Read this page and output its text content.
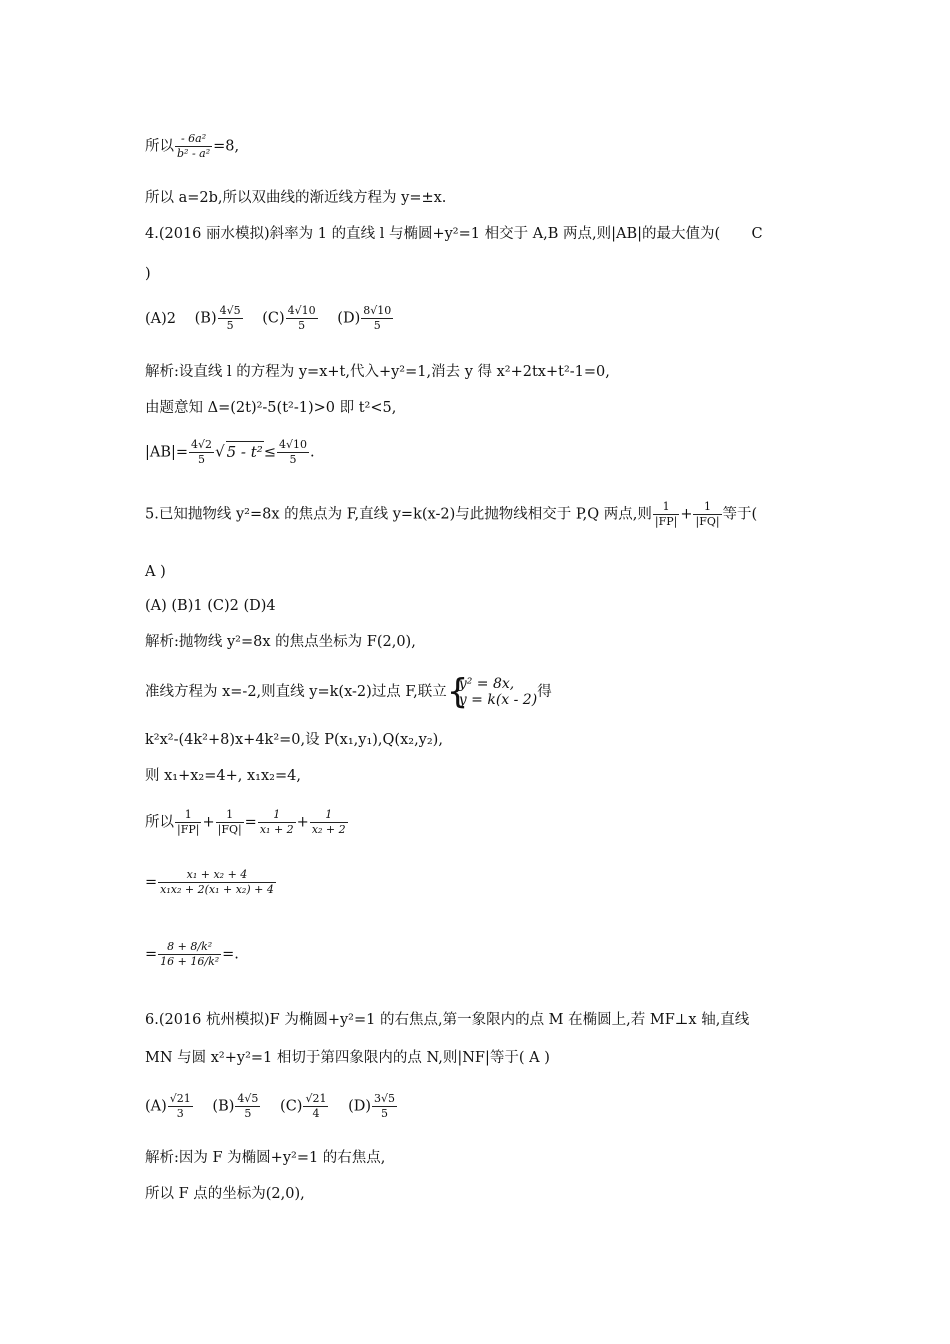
所以 $\frac{\text{- 6a²}}{\text{b² - a²}} =8$,
所以 a=2b,所以双曲线的渐近线方程为 y=±x.
4.(2016 丽水模拟)斜率为 1 的直线 l 与椭圆+y²=1 相交于 A,B 两点,则|AB|的最大值为( C
)
(A)2 $(B) \frac{4√5}{5} (C) \frac{4√10}{5} (D) \frac{8√10}{5}$
解析:设直线 l 的方程为 y=x+t,代入+y²=1,消去 y 得 x²+2tx+t²-1=0,
由题意知 Δ=(2t)²-5(t²-1)>0 即 t²<5,
$|AB|= \frac{4√2}{5}$ √ $5 - t^2\le \frac{4√10}{5}$ .
5.已知抛物线 y²=8x 的焦点为 F,直线 y=k(x-2)与此抛物线相交于 P,Q 两点,则 $\frac{1}{|FP|} + \frac{1}{|FQ|}$ 等于(
A )
(A) (B)1 (C)2 (D)4
解析:抛物线 y²=8x 的焦点坐标为 F(2,0),
准线方程为 x=-2,则直线 y=k(x-2)过点 F,联立 {
y² = 8x,
y = k(x - 2) 得
k²x²-(4k²+8)x+4k²=0,设 P(x₁,y₁),Q(x₂,y₂),
则 x₁+x₂=4+, x₁x₂=4,
所以 $\frac{1}{|FP|} + \frac{1}{|FQ|} = \frac{1}{\text{x₁ + 2}} + \frac{1}{\text{x₂ + 2}}$
= $\frac{\text{x₁ + x₂ + 4}}{\text{x₁x₂ + 2(x₁ + x₂) + 4}}$
= $\frac{\text{8 + 8/k²}}{\text{16 + 16/k²}}$ =.
6.(2016 杭州模拟)F 为椭圆+y²=1 的右焦点,第一象限内的点 M 在椭圆上,若 MF⊥x 轴,直线
MN 与圆 x²+y²=1 相切于第四象限内的点 N,则|NF|等于( A )
$(A) \frac{√21}{3} (B) \frac{4√5}{5} (C) \frac{√21}{4} (D) \frac{3√5}{5}$
解析:因为 F 为椭圆+y²=1 的右焦点,
所以 F 点的坐标为(2,0),
